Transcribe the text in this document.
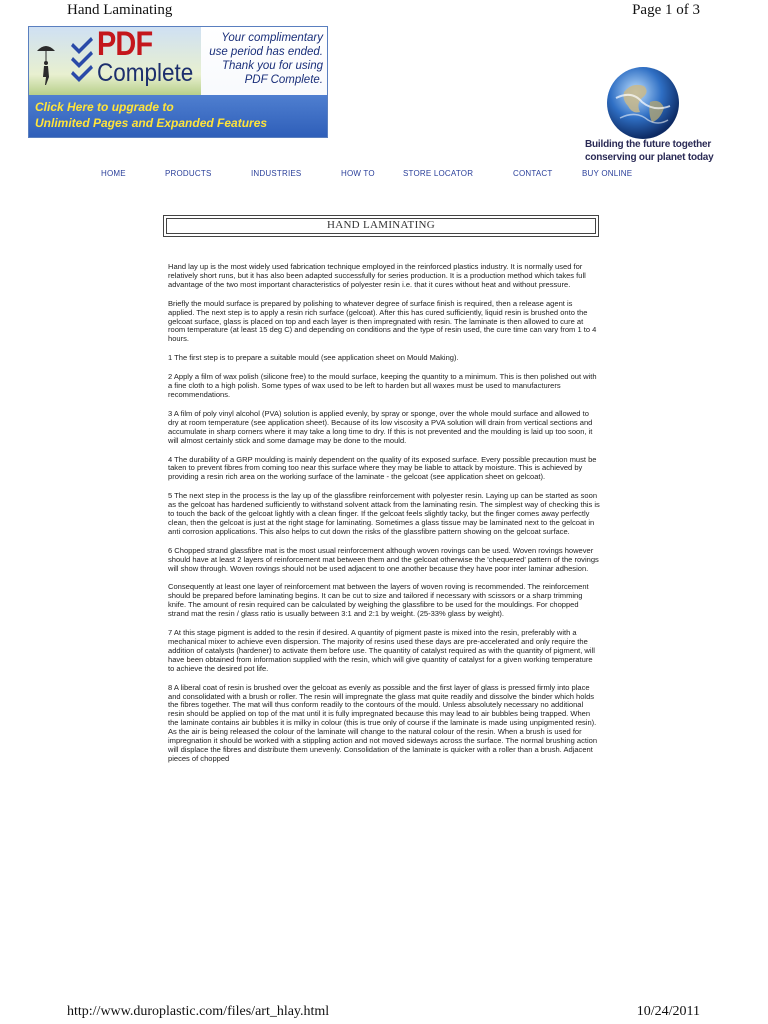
Hand Laminating	Page 1 of 3
PDF
Complete
Your complimentary
use period has ended.
Thank you for using
PDF Complete.
Click Here to upgrade to
Unlimited Pages and Expanded Features
Building the future together
conserving our planet today
HOME	PRODUCTS	INDUSTRIES	HOW TO	STORE LOCATOR	CONTACT	BUY ONLINE
HAND LAMINATING

Hand lay up is the most widely used fabrication technique employed in the reinforced plastics industry. It is normally used for relatively short runs, but it has also been adapted successfully for series production. It is a production method which takes full advantage of the two most important characteristics of polyester resin i.e. that it cures without heat and without pressure.

Briefly the mould surface is prepared by polishing to whatever degree of surface finish is required, then a release agent is applied. The next step is to apply a resin rich surface (gelcoat). After this has cured sufficiently, liquid resin is brushed onto the gelcoat surface, glass is placed on top and each layer is then impregnated with resin. The laminate is then allowed to cure at room temperature (at least 15 deg C) and depending on conditions and the type of resin used, the cure time can vary from 1 to 4 hours.

1 The first step is to prepare a suitable mould (see application sheet on Mould Making).

2 Apply a film of wax polish (silicone free) to the mould surface, keeping the quantity to a minimum. This is then polished out with a fine cloth to a high polish. Some types of wax used to be left to harden but all waxes must be used to manufacturers recommendations.

3 A film of poly vinyl alcohol (PVA) solution is applied evenly, by spray or sponge, over the whole mould surface and allowed to dry at room temperature (see application sheet). Because of its low viscosity a PVA solution will drain from vertical sections and accumulate in sharp corners where it may take a long time to dry. If this is not prevented and the moulding is laid up too soon, it will almost certainly stick and some damage may be done to the mould.

4 The durability of a GRP moulding is mainly dependent on the quality of its exposed surface. Every possible precaution must be taken to prevent fibres from coming too near this surface where they may be liable to attack by moisture. This is achieved by providing a resin rich area on the working surface of the laminate - the gelcoat (see application sheet on gelcoat).

5 The next step in the process is the lay up of the glassfibre reinforcement with polyester resin. Laying up can be started as soon as the gelcoat has hardened sufficiently to withstand solvent attack from the laminating resin. The simplest way of checking this is to touch the back of the gelcoat lightly with a clean finger. If the gelcoat feels slightly tacky, but the finger comes away perfectly clean, then the gelcoat is just at the right stage for laminating. Sometimes a glass tissue may be laminated next to the gelcoat in anti corrosion applications. This also helps to cut down the risks of the glassfibre pattern showing on the gelcoat surface.

6 Chopped strand glassfibre mat is the most usual reinforcement although woven rovings can be used. Woven rovings however should have at least 2 layers of reinforcement mat between them and the gelcoat otherwise the 'chequered' pattern of the rovings will show through. Woven rovings should not be used adjacent to one another because they have poor inter laminar adhesion.

Consequently at least one layer of reinforcement mat between the layers of woven roving is recommended. The reinforcement should be prepared before laminating begins. It can be cut to size and tailored if necessary with scissors or a sharp trimming knife. The amount of resin required can be calculated by weighing the glassfibre to be used for the mouldings. For chopped strand mat the resin / glass ratio is usually between 3:1 and 2:1 by weight. (25-33% glass by weight).

7 At this stage pigment is added to the resin if desired. A quantity of pigment paste is mixed into the resin, preferably with a mechanical mixer to achieve even dispersion. The majority of resins used these days are pre-accelerated and only require the addition of catalysts (hardener) to activate them before use. The quantity of catalyst required as with the quantity of pigment, will have been obtained from information supplied with the resin, which will give quantity of catalyst for a given working temperature to achieve the desired pot life.

8 A liberal coat of resin is brushed over the gelcoat as evenly as possible and the first layer of glass is pressed firmly into place and consolidated with a brush or roller. The resin will impregnate the glass mat quite readily and dissolve the binder which holds the fibres together. The mat will thus conform readily to the contours of the mould. Unless absolutely necessary no additional resin should be applied on top of the mat until it is fully impregnated because this may lead to air bubbles being trapped. When the laminate contains air bubbles it is milky in colour (this is true only of course if the laminate is made using unpigmented resin). As the air is being released the colour of the laminate will change to the natural colour of the resin. When a brush is used for impregnation it should be worked with a stippling action and not moved sideways across the surface. The normal brushing action will displace the fibres and distribute them unevenly. Consolidation of the laminate is quicker with a roller than a brush. Adjacent pieces of chopped

http://www.duroplastic.com/files/art_hlay.html	10/24/2011
